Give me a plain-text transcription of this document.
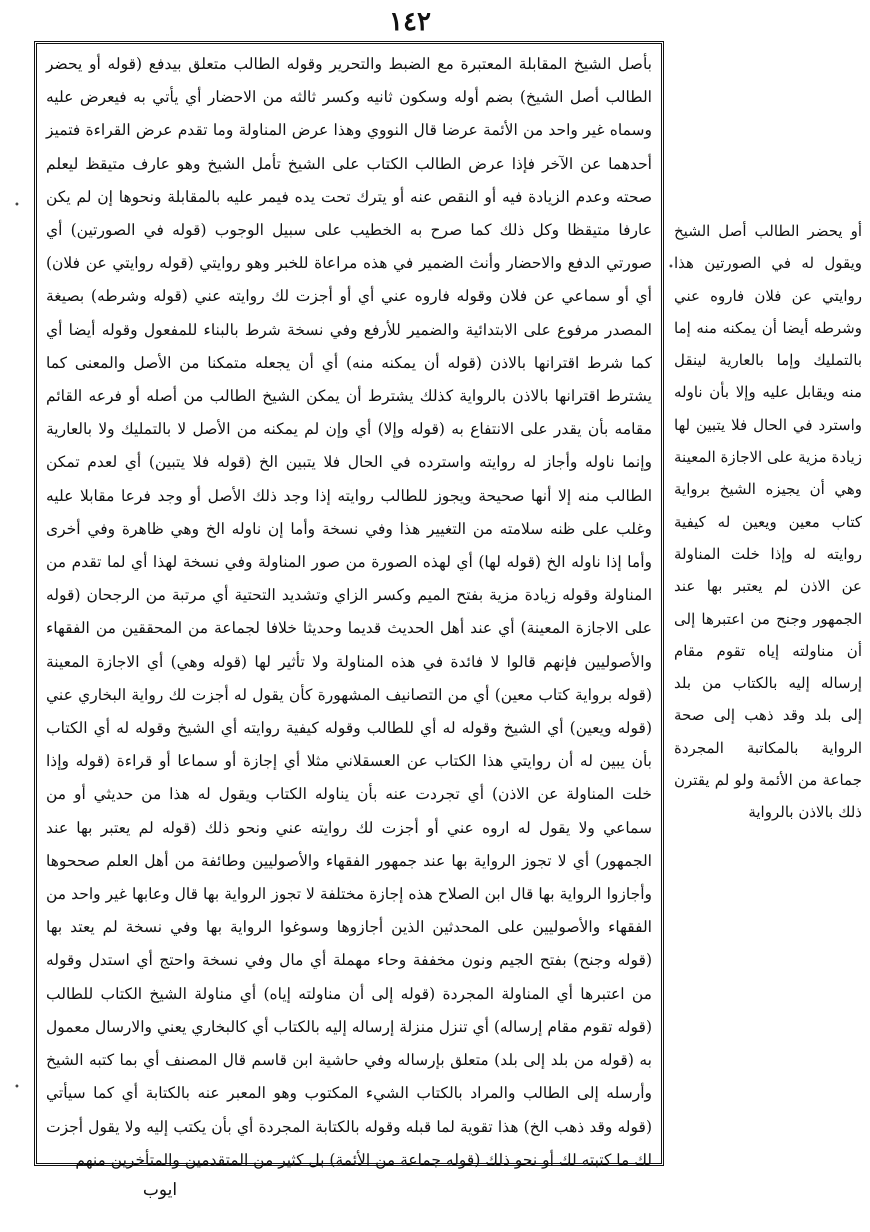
١٤٢

بأصل الشيخ المقابلة المعتبرة مع الضبط والتحرير وقوله الطالب متعلق بيدفع (قوله أو يحضر الطالب أصل الشيخ) بضم أوله وسكون ثانيه وكسر ثالثه من الاحضار أي يأتي به فيعرض عليه وسماه غير واحد من الأئمة عرضا قال النووي وهذا عرض المناولة وما تقدم عرض القراءة فتميز أحدهما عن الآخر فإذا عرض الطالب الكتاب على الشيخ تأمل الشيخ وهو عارف متيقظ ليعلم صحته وعدم الزيادة فيه أو النقص عنه أو يترك تحت يده فيمر عليه بالمقابلة ونحوها إن لم يكن عارفا متيقظا وكل ذلك كما صرح به الخطيب على سبيل الوجوب (قوله في الصورتين) أي صورتي الدفع والاحضار وأنث الضمير في هذه مراعاة للخبر وهو روايتي (قوله روايتي عن فلان) أي أو سماعي عن فلان وقوله فاروه عني أي أو أجزت لك روايته عني (قوله وشرطه) بصيغة المصدر مرفوع على الابتدائية والضمير للأرفع وفي نسخة شرط بالبناء للمفعول وقوله أيضا أي كما شرط اقترانها بالاذن (قوله أن يمكنه منه) أي أن يجعله متمكنا من الأصل والمعنى كما يشترط اقترانها بالاذن بالرواية كذلك يشترط أن يمكن الشيخ الطالب من أصله أو فرعه القائم مقامه بأن يقدر على الانتفاع به (قوله وإلا) أي وإن لم يمكنه من الأصل لا بالتمليك ولا بالعارية وإنما ناوله وأجاز له روايته واسترده في الحال فلا يتبين الخ (قوله فلا يتبين) أي لعدم تمكن الطالب منه إلا أنها صحيحة ويجوز للطالب روايته إذا وجد ذلك الأصل أو وجد فرعا مقابلا عليه وغلب على ظنه سلامته من التغيير هذا وفي نسخة وأما إن ناوله الخ وهي ظاهرة وفي أخرى وأما إذا ناوله الخ (قوله لها) أي لهذه الصورة من صور المناولة وفي نسخة لهذا أي لما تقدم من المناولة وقوله زيادة مزية بفتح الميم وكسر الزاي وتشديد التحتية أي مرتبة من الرجحان (قوله على الاجازة المعينة) أي عند أهل الحديث قديما وحديثا خلافا لجماعة من المحققين من الفقهاء والأصوليين فإنهم قالوا لا فائدة في هذه المناولة ولا تأثير لها (قوله وهي) أي الاجازة المعينة (قوله برواية كتاب معين) أي من التصانيف المشهورة كأن يقول له أجزت لك رواية البخاري عني (قوله ويعين) أي الشيخ وقوله له أي للطالب وقوله كيفية روايته أي الشيخ وقوله له أي الكتاب بأن يبين له أن روايتي هذا الكتاب عن العسقلاني مثلا أي إجازة أو سماعا أو قراءة (قوله وإذا خلت المناولة عن الاذن) أي تجردت عنه بأن يناوله الكتاب ويقول له هذا من حديثي أو من سماعي ولا يقول له اروه عني أو أجزت لك روايته عني ونحو ذلك (قوله لم يعتبر بها عند الجمهور) أي لا تجوز الرواية بها عند جمهور الفقهاء والأصوليين وطائفة من أهل العلم صححوها وأجازوا الرواية بها قال ابن الصلاح هذه إجازة مختلفة لا تجوز الرواية بها قال وعابها غير واحد من الفقهاء والأصوليين على المحدثين الذين أجازوها وسوغوا الرواية بها وفي نسخة لم يعتد بها (قوله وجنح) بفتح الجيم ونون مخففة وحاء مهملة أي مال وفي نسخة واحتج أي استدل وقوله من اعتبرها أي المناولة المجردة (قوله إلى أن مناولته إياه) أي مناولة الشيخ الكتاب للطالب (قوله تقوم مقام إرساله) أي تنزل منزلة إرساله إليه بالكتاب أي كالبخاري يعني والارسال معمول به (قوله من بلد إلى بلد) متعلق بإرساله وفي حاشية ابن قاسم قال المصنف أي بما كتبه الشيخ وأرسله إلى الطالب والمراد بالكتاب الشيء المكتوب وهو المعبر عنه بالكتابة أي كما سيأتي (قوله وقد ذهب الخ) هذا تقوية لما قبله وقوله بالكتابة المجردة أي بأن يكتب إليه ولا يقول أجزت لك ما كتبته لك أو نحو ذلك (قوله جماعة من الأئمة) بل كثير من المتقدمين والمتأخرين منهم

أو يحضر الطالب أصل الشيخ ويقول له في الصورتين هذا روايتي عن فلان فاروه عني وشرطه أيضا أن يمكنه منه إما بالتمليك وإما بالعارية لينقل منه ويقابل عليه وإلا بأن ناوله واسترد في الحال فلا يتبين لها زيادة مزية على الاجازة المعينة وهي أن يجيزه الشيخ برواية كتاب معين ويعين له كيفية روايته له وإذا خلت المناولة عن الاذن لم يعتبر بها عند الجمهور وجنح من اعتبرها إلى أن مناولته إياه تقوم مقام إرساله إليه بالكتاب من بلد إلى بلد وقد ذهب إلى صحة الرواية بالمكاتبة المجردة جماعة من الأئمة ولو لم يقترن ذلك بالاذن بالرواية

•
•
•
ايوب
